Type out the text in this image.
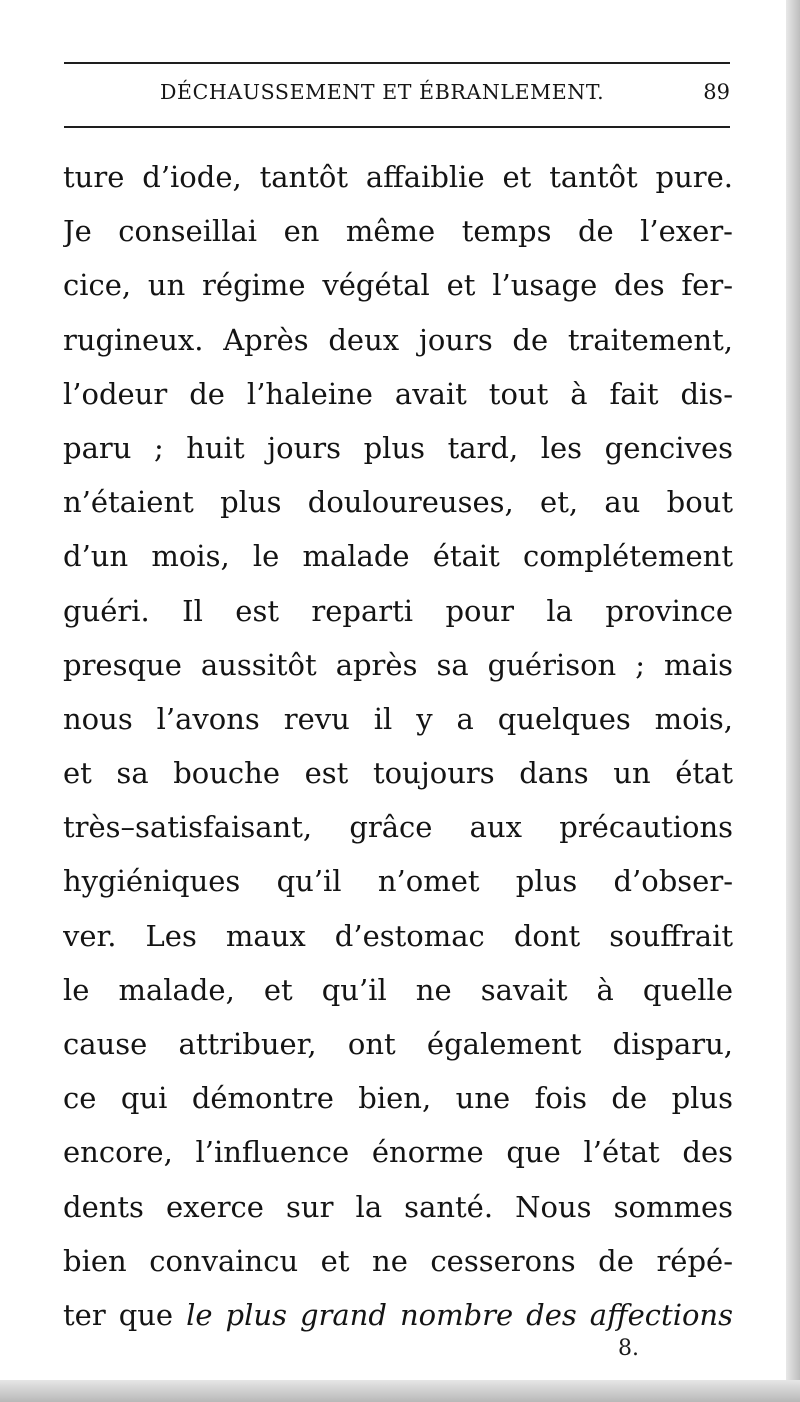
DÉCHAUSSEMENT ET ÉBRANLEMENT.	89
ture d’iode, tantôt affaiblie et tantôt pure.
Je conseillai en même temps de l’exer-
cice, un régime végétal et l’usage des fer-
rugineux. Après deux jours de traitement,
l’odeur de l’haleine avait tout à fait dis-
paru ; huit jours plus tard, les gencives
n’étaient plus douloureuses, et, au bout
d’un mois, le malade était complétement
guéri. Il est reparti pour la province
presque aussitôt après sa guérison ; mais
nous l’avons revu il y a quelques mois,
et sa bouche est toujours dans un état
très–satisfaisant, grâce aux précautions
hygiéniques qu’il n’omet plus d’obser-
ver. Les maux d’estomac dont souffrait
le malade, et qu’il ne savait à quelle
cause attribuer, ont également disparu,
ce qui démontre bien, une fois de plus
encore, l’influence énorme que l’état des
dents exerce sur la santé. Nous sommes
bien convaincu et ne cesserons de répé-
ter que le plus grand nombre des affections
8.
